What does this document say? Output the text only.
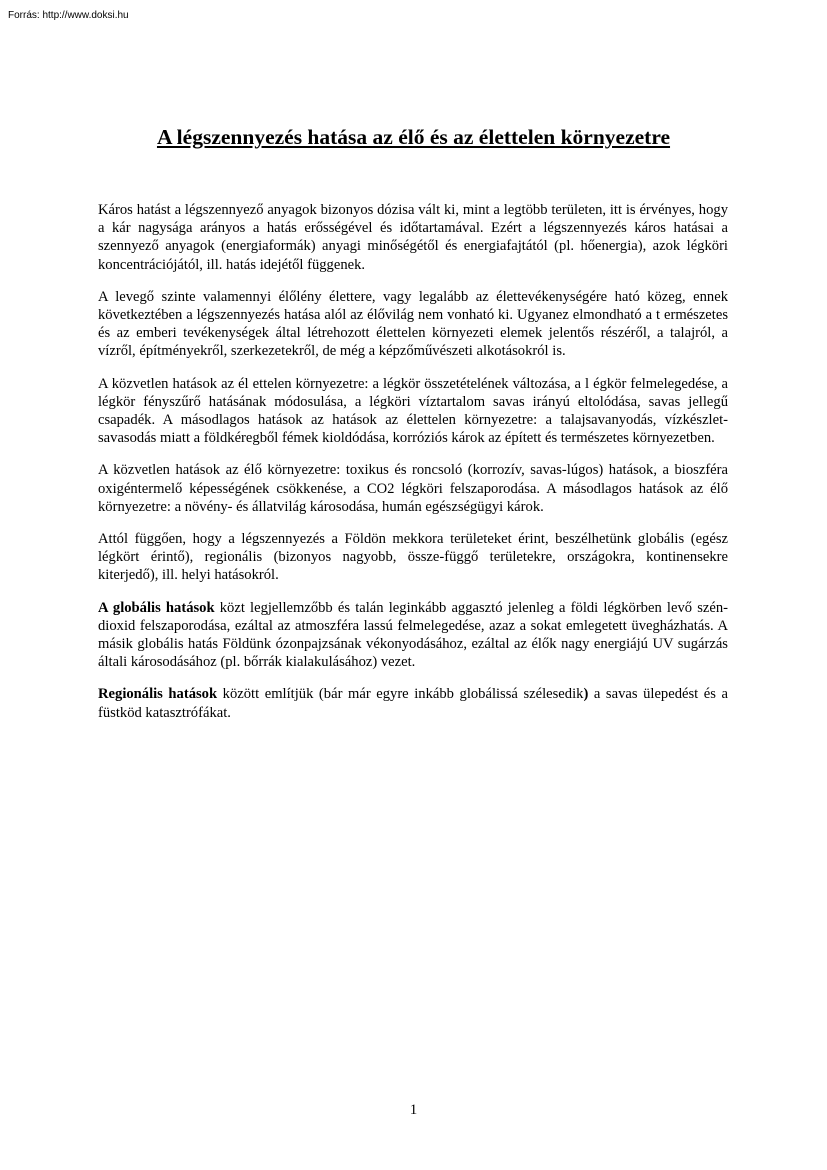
Forrás: http://www.doksi.hu

A légszennyezés hatása az élő és az élettelen környezetre

Káros hatást a légszennyező anyagok bizonyos dózisa vált ki, mint a legtöbb területen, itt is érvényes, hogy a kár nagysága arányos a hatás erősségével és időtartamával. Ezért a légszennyezés káros hatásai a szennyező anyagok (energiaformák) anyagi minőségétől és energiafajtától (pl. hőenergia), azok légköri koncentrációjától, ill. hatás idejétől függenek.

A levegő szinte valamennyi élőlény élettere, vagy legalább az élettevékenységére ható közeg, ennek következtében a légszennyezés hatása alól az élővilág nem vonható ki. Ugyanez elmondható a t ermészetes és az emberi tevékenységek által létrehozott élettelen környezeti elemek jelentős részéről, a talajról, a vízről, építményekről, szerkezetekről, de még a képzőművészeti alkotásokról is.

A közvetlen hatások az él ettelen környezetre: a légkör összetételének változása, a l égkör felmelegedése, a légkör fényszűrő hatásának módosulása, a légköri víztartalom savas irányú eltolódása, savas jellegű csapadék. A másodlagos hatások az hatások az élettelen környezetre: a talajsavanyodás, vízkészlet-savasodás miatt a földkéregből fémek kioldódása, korróziós károk az épített és természetes környezetben.

A közvetlen hatások az élő környezetre: toxikus és roncsoló (korrozív, savas-lúgos) hatások, a bioszféra oxigéntermelő képességének csökkenése, a CO2 légköri felszaporodása. A másodlagos hatások az élő környezetre: a növény- és állatvilág károsodása, humán egészségügyi károk.

Attól függően, hogy a légszennyezés a Földön mekkora területeket érint, beszélhetünk globális (egész légkört érintő), regionális (bizonyos nagyobb, össze-függő területekre, országokra, kontinensekre kiterjedő), ill. helyi hatásokról.

A globális hatások közt legjellemzőbb és talán leginkább aggasztó jelenleg a földi légkörben levő szén-dioxid felszaporodása, ezáltal az atmoszféra lassú felmelegedése, azaz a sokat emlegetett üvegházhatás. A másik globális hatás Földünk ózonpajzsának vékonyodásához, ezáltal az élők nagy energiájú UV sugárzás általi károsodásához (pl. bőrrák kialakulásához) vezet.

Regionális hatások között említjük (bár már egyre inkább globálissá szélesedik) a savas ülepedést és a füstköd katasztrófákat.

1
